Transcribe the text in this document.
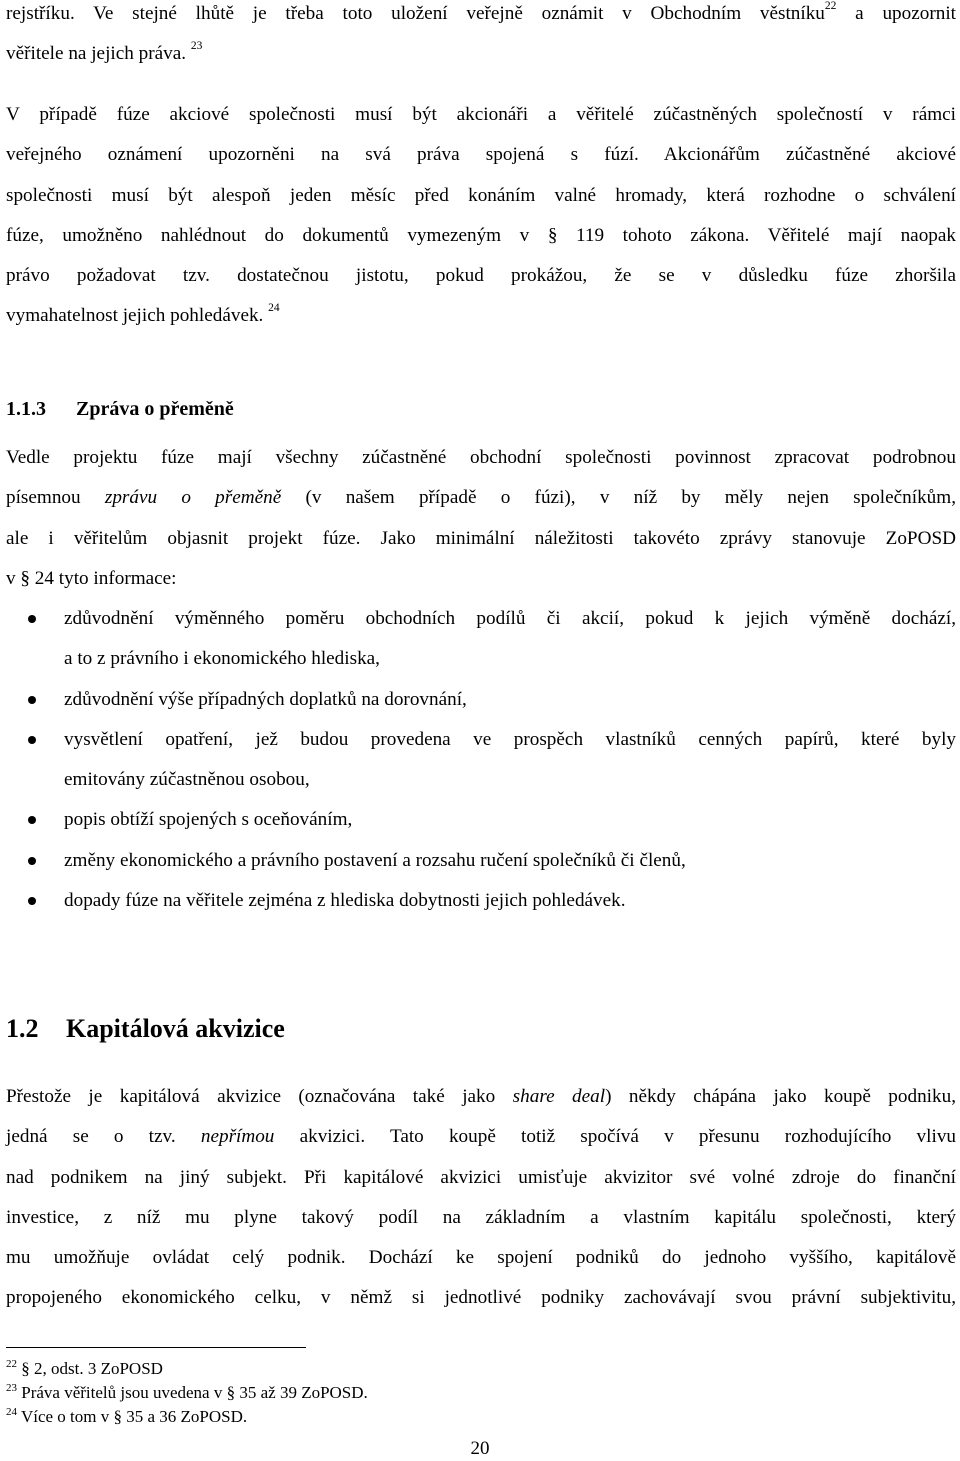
rejstříku. Ve stejné lhůtě je třeba toto uložení veřejně oznámit v Obchodním věstníku$^{22}$ a upozornit
věřitele na jejich práva. $^{23}$
V případě fúze akciové společnosti musí být akcionáři a věřitelé zúčastněných společností v rámci
veřejného oznámení upozorněni na svá práva spojená s fúzí. Akcionářům zúčastněné akciové
společnosti musí být alespoň jeden měsíc před konáním valné hromady, která rozhodne o schválení
fúze, umožněno nahlédnout do dokumentů vymezeným v § 119 tohoto zákona. Věřitelé mají naopak
právo požadovat tzv. dostatečnou jistotu, pokud prokážou, že se v důsledku fúze zhoršila
vymahatelnost jejich pohledávek. $^{24}$
1.1.3 Zpráva o přeměně
Vedle projektu fúze mají všechny zúčastněné obchodní společnosti povinnost zpracovat podrobnou
písemnou zprávu o přeměně (v našem případě o fúzi), v níž by měly nejen společníkům,
ale i věřitelům objasnit projekt fúze. Jako minimální náležitosti takovéto zprávy stanovuje ZoPOSD
v § 24 tyto informace:
zdůvodnění výměnného poměru obchodních podílů či akcií, pokud k jejich výměně dochází,
a to z právního i ekonomického hlediska,
zdůvodnění výše případných doplatků na dorovnání,
vysvětlení opatření, jež budou provedena ve prospěch vlastníků cenných papírů, které byly
emitovány zúčastněnou osobou,
popis obtíží spojených s oceňováním,
změny ekonomického a právního postavení a rozsahu ručení společníků či členů,
dopady fúze na věřitele zejména z hlediska dobytnosti jejich pohledávek.
1.2 Kapitálová akvizice
Přestože je kapitálová akvizice (označována také jako share deal) někdy chápána jako koupě podniku,
jedná se o tzv. nepřímou akvizici. Tato koupě totiž spočívá v přesunu rozhodujícího vlivu
nad podnikem na jiný subjekt. Při kapitálové akvizici umisťuje akvizitor své volné zdroje do finanční
investice, z níž mu plyne takový podíl na základním a vlastním kapitálu společnosti, který
mu umožňuje ovládat celý podnik. Dochází ke spojení podniků do jednoho vyššího, kapitálově
propojeného ekonomického celku, v němž si jednotlivé podniky zachovávají svou právní subjektivitu,
$^{22}$ § 2, odst. 3 ZoPOSD
$^{23}$ Práva věřitelů jsou uvedena v § 35 až 39 ZoPOSD.
$^{24}$ Více o tom v § 35 a 36 ZoPOSD.
20
